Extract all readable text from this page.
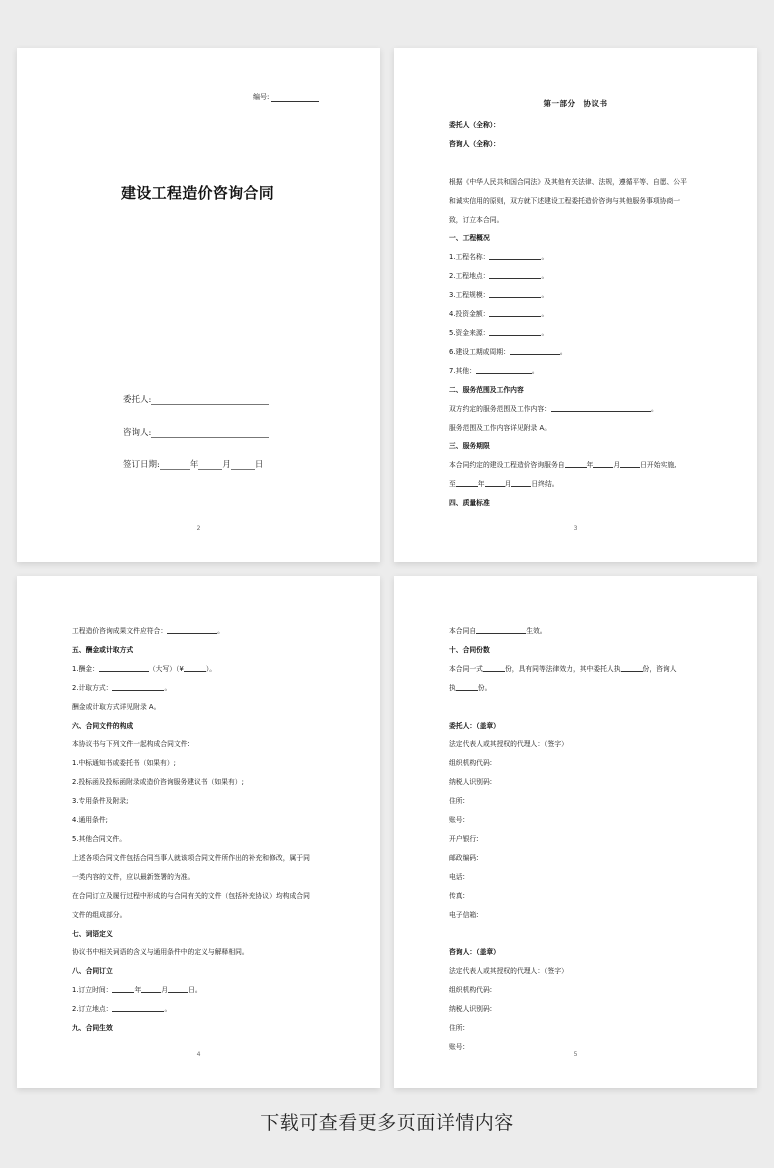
编号:
建设工程造价咨询合同
委托人:
咨询人:
签订日期:	年	月	日
2
第一部分　协议书
委托人（全称）：
咨询人（全称）：

根据《中华人民共和国合同法》及其他有关法律、法规，遵循平等、自愿、公平
和诚实信用的原则，双方就下述建设工程委托造价咨询与其他服务事项协商一
致，订立本合同。
一、工程概况
1.工程名称：	。
2.工程地点：	。
3.工程规模：	。
4.投资金额：	。
5.资金来源：	。
6.建设工期或周期：	。
7.其他：	。
二、服务范围及工作内容
双方约定的服务范围及工作内容：	。
服务范围及工作内容详见附录 A。
三、服务期限
本合同约定的建设工程造价咨询服务自	年	月	日开始实施,
至	年	月	日终结。
四、质量标准
3
工程造价咨询成果文件应符合：	。
五、酬金或计取方式
1.酬金：	（大写）（¥	）。
2.计取方式：	。
酬金或计取方式详见附录 A。
六、合同文件的构成
本协议书与下列文件一起构成合同文件:
1.中标通知书或委托书（如果有）;
2.投标函及投标函附录或造价咨询服务建议书（如果有）;
3.专用条件及附录;
4.通用条件;
5.其他合同文件。
上述各项合同文件包括合同当事人就该项合同文件所作出的补充和修改，属于同
一类内容的文件，应以最新签署的为准。
在合同订立及履行过程中形成的与合同有关的文件（包括补充协议）均构成合同
文件的组成部分。
七、词语定义
协议书中相关词语的含义与通用条件中的定义与解释相同。
八、合同订立
1.订立时间：	年	月	日。
2.订立地点：	。
九、合同生效
4
本合同自	生效。
十、合同份数
本合同一式	份，具有同等法律效力，其中委托人执	份，咨询人
执	份。

委托人：（盖章）
法定代表人或其授权的代理人：（签字）
组织机构代码:
纳税人识别码:
住所:
账号:
开户银行:
邮政编码:
电话:
传真:
电子信箱:

咨询人：（盖章）
法定代表人或其授权的代理人：（签字）
组织机构代码:
纳税人识别码:
住所:
账号:
5
下载可查看更多页面详情内容
